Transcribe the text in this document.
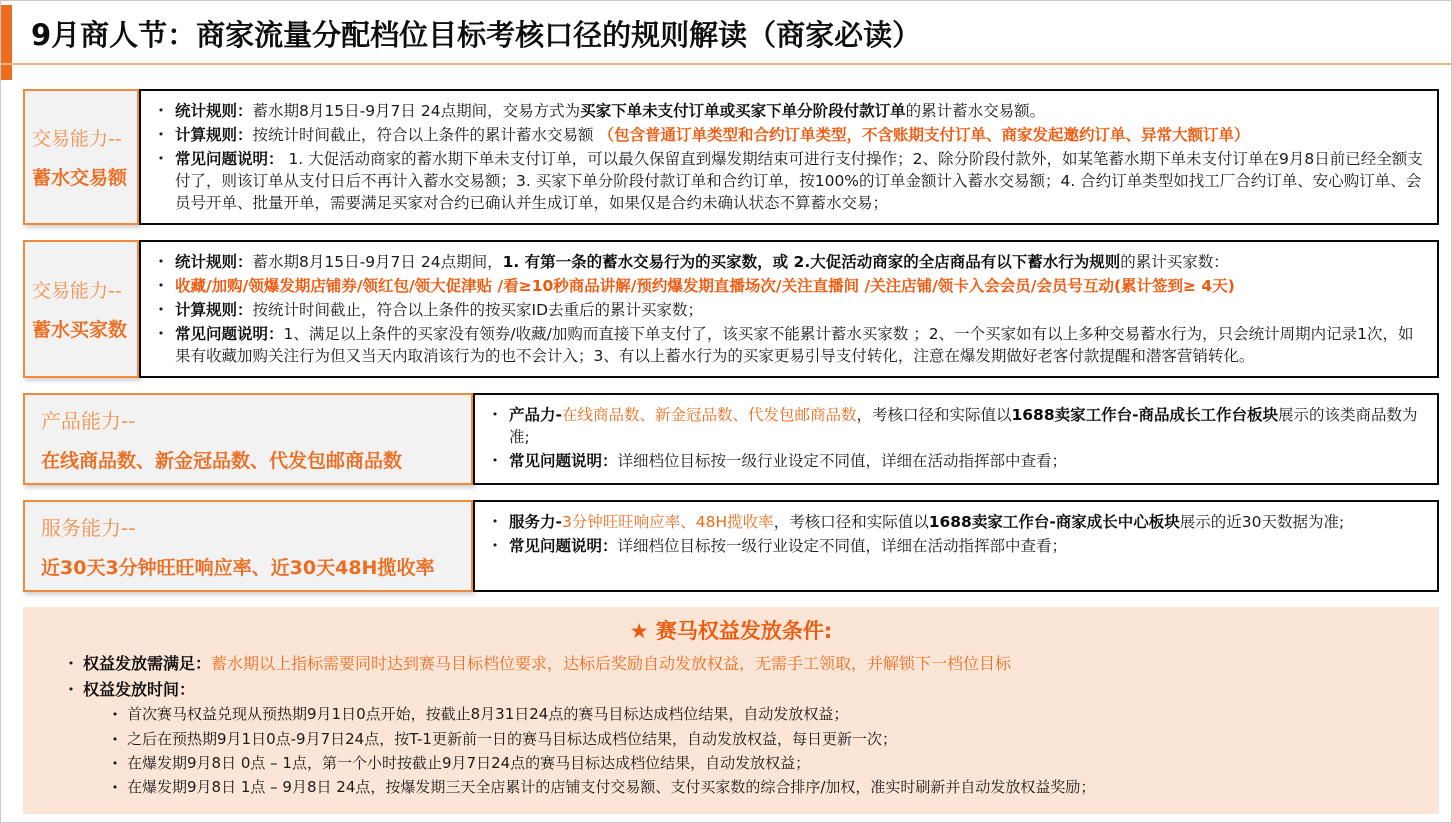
9月商人节：商家流量分配档位目标考核口径的规则解读（商家必读）
交易能力--
蓄水交易额
• 统计规则：蓄水期8月15日-9月7日 24点期间，交易方式为买家下单未支付订单或买家下单分阶段付款订单的累计蓄水交易额。
• 计算规则：按统计时间截止，符合以上条件的累计蓄水交易额 （包含普通订单类型和合约订单类型，不含账期支付订单、商家发起邀约订单、异常大额订单）
• 常见问题说明： 1. 大促活动商家的蓄水期下单未支付订单，可以最久保留直到爆发期结束可进行支付操作；2、除分阶段付款外，如某笔蓄水期下单未支付订单在9月8日前已经全额支付了，则该订单从支付日后不再计入蓄水交易额；3. 买家下单分阶段付款订单和合约订单，按100%的订单金额计入蓄水交易额；4. 合约订单类型如找工厂合约订单、安心购订单、会员号开单、批量开单，需要满足买家对合约已确认并生成订单，如果仅是合约未确认状态不算蓄水交易；
交易能力--
蓄水买家数
• 统计规则：蓄水期8月15日-9月7日 24点期间，1. 有第一条的蓄水交易行为的买家数，或 2.大促活动商家的全店商品有以下蓄水行为规则的累计买家数：
• 收藏/加购/领爆发期店铺券/领红包/领大促津贴 /看≥10秒商品讲解/预约爆发期直播场次/关注直播间 /关注店铺/领卡入会会员/会员号互动(累计签到≥ 4天)
• 计算规则：按统计时间截止，符合以上条件的按买家ID去重后的累计买家数；
• 常见问题说明：1、满足以上条件的买家没有领券/收藏/加购而直接下单支付了，该买家不能累计蓄水买家数 ；2、一个买家如有以上多种交易蓄水行为，只会统计周期内记录1次，如果有收藏加购关注行为但又当天内取消该行为的也不会计入；3、有以上蓄水行为的买家更易引导支付转化，注意在爆发期做好老客付款提醒和潜客营销转化。
产品能力--
在线商品数、新金冠品数、代发包邮商品数
• 产品力-在线商品数、新金冠品数、代发包邮商品数，考核口径和实际值以1688卖家工作台-商品成长工作台板块展示的该类商品数为准;
• 常见问题说明：详细档位目标按一级行业设定不同值，详细在活动指挥部中查看；
服务能力--
近30天3分钟旺旺响应率、近30天48H揽收率
• 服务力-3分钟旺旺响应率、48H揽收率，考核口径和实际值以1688卖家工作台-商家成长中心板块展示的近30天数据为准;
• 常见问题说明：详细档位目标按一级行业设定不同值，详细在活动指挥部中查看；
★ 赛马权益发放条件:
• 权益发放需满足：蓄水期以上指标需要同时达到赛马目标档位要求，达标后奖励自动发放权益，无需手工领取，并解锁下一档位目标
• 权益发放时间：
• 首次赛马权益兑现从预热期9月1日0点开始，按截止8月31日24点的赛马目标达成档位结果，自动发放权益；
• 之后在预热期9月1日0点-9月7日24点，按T-1更新前一日的赛马目标达成档位结果，自动发放权益，每日更新一次；
• 在爆发期9月8日 0点 – 1点，第一个小时按截止9月7日24点的赛马目标达成档位结果，自动发放权益；
• 在爆发期9月8日 1点 – 9月8日 24点，按爆发期三天全店累计的店铺支付交易额、支付买家数的综合排序/加权，准实时刷新并自动发放权益奖励；
